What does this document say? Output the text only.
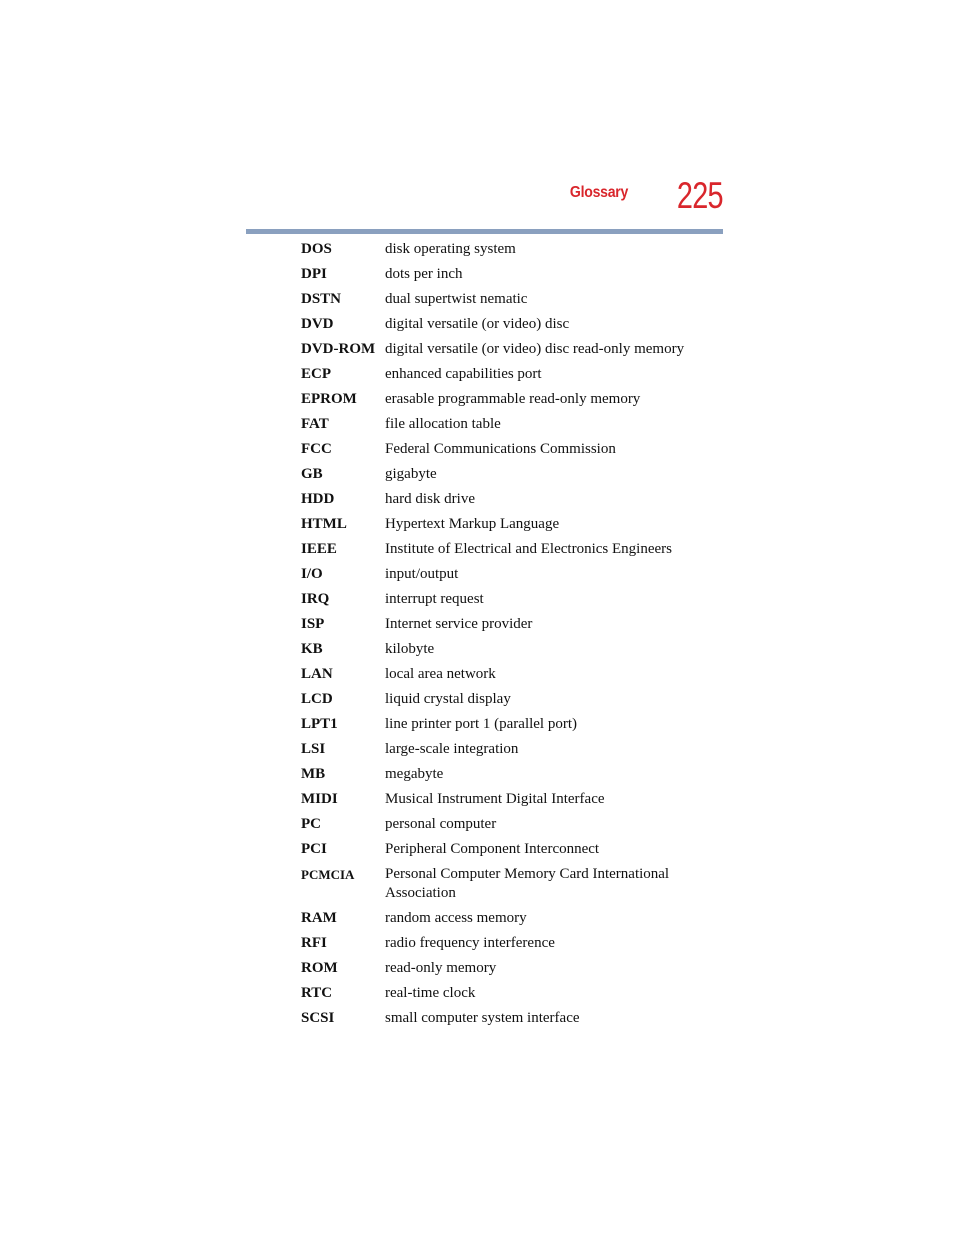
Glossary 225
DOS	disk operating system
DPI	dots per inch
DSTN	dual supertwist nematic
DVD	digital versatile (or video) disc
DVD-ROM digital versatile (or video) disc read-only memory
ECP	enhanced capabilities port
EPROM	erasable programmable read-only memory
FAT	file allocation table
FCC	Federal Communications Commission
GB	gigabyte
HDD	hard disk drive
HTML	Hypertext Markup Language
IEEE	Institute of Electrical and Electronics Engineers
I/O	input/output
IRQ	interrupt request
ISP	Internet service provider
KB	kilobyte
LAN	local area network
LCD	liquid crystal display
LPT1	line printer port 1 (parallel port)
LSI	large-scale integration
MB	megabyte
MIDI	Musical Instrument Digital Interface
PC	personal computer
PCI	Peripheral Component Interconnect
PCMCIA	Personal Computer Memory Card International Association
RAM	random access memory
RFI	radio frequency interference
ROM	read-only memory
RTC	real-time clock
SCSI	small computer system interface
